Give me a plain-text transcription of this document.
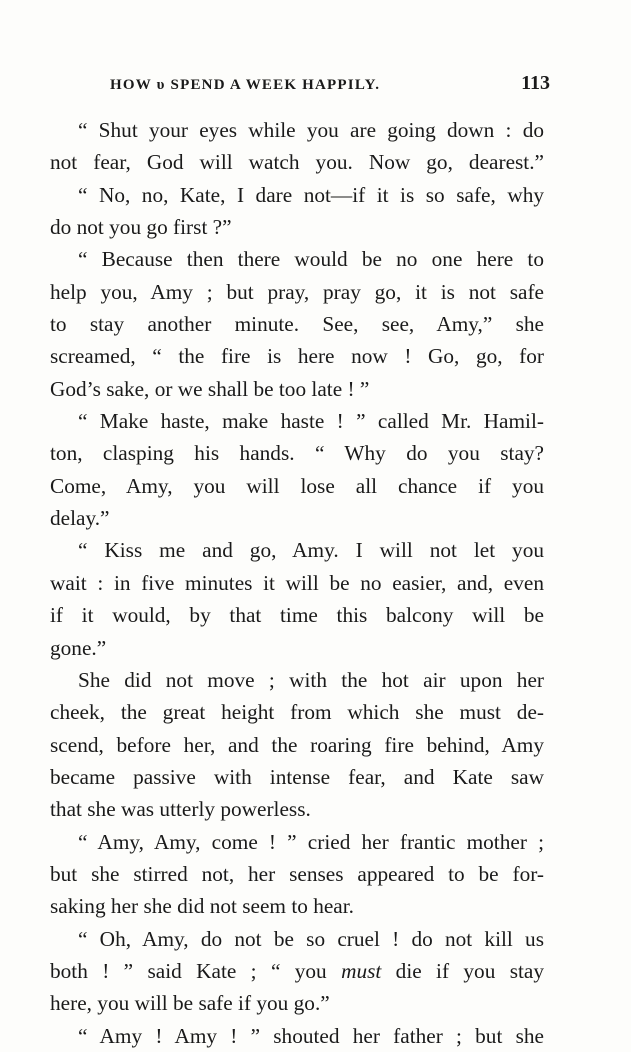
HOW υ SPEND A WEEK HAPPILY.	113
“ Shut your eyes while you are going down : do
not fear, God will watch you. Now go, dearest.”
“ No, no, Kate, I dare not—if it is so safe, why
do not you go first ?”
“ Because then there would be no one here to
help you, Amy ; but pray, pray go, it is not safe
to stay another minute. See, see, Amy,” she
screamed, “ the fire is here now ! Go, go, for
God’s sake, or we shall be too late ! ”
“ Make haste, make haste ! ” called Mr. Hamil-
ton, clasping his hands. “ Why do you stay?
Come, Amy, you will lose all chance if you
delay.”
“ Kiss me and go, Amy. I will not let you
wait : in five minutes it will be no easier, and, even
if it would, by that time this balcony will be
gone.”
She did not move ; with the hot air upon her
cheek, the great height from which she must de-
scend, before her, and the roaring fire behind, Amy
became passive with intense fear, and Kate saw
that she was utterly powerless.
“ Amy, Amy, come ! ” cried her frantic mother ;
but she stirred not, her senses appeared to be for-
saking her she did not seem to hear.
“ Oh, Amy, do not be so cruel ! do not kill us
both ! ” said Kate ; “ you must die if you stay
here, you will be safe if you go.”
“ Amy ! Amy ! ” shouted her father ; but she
